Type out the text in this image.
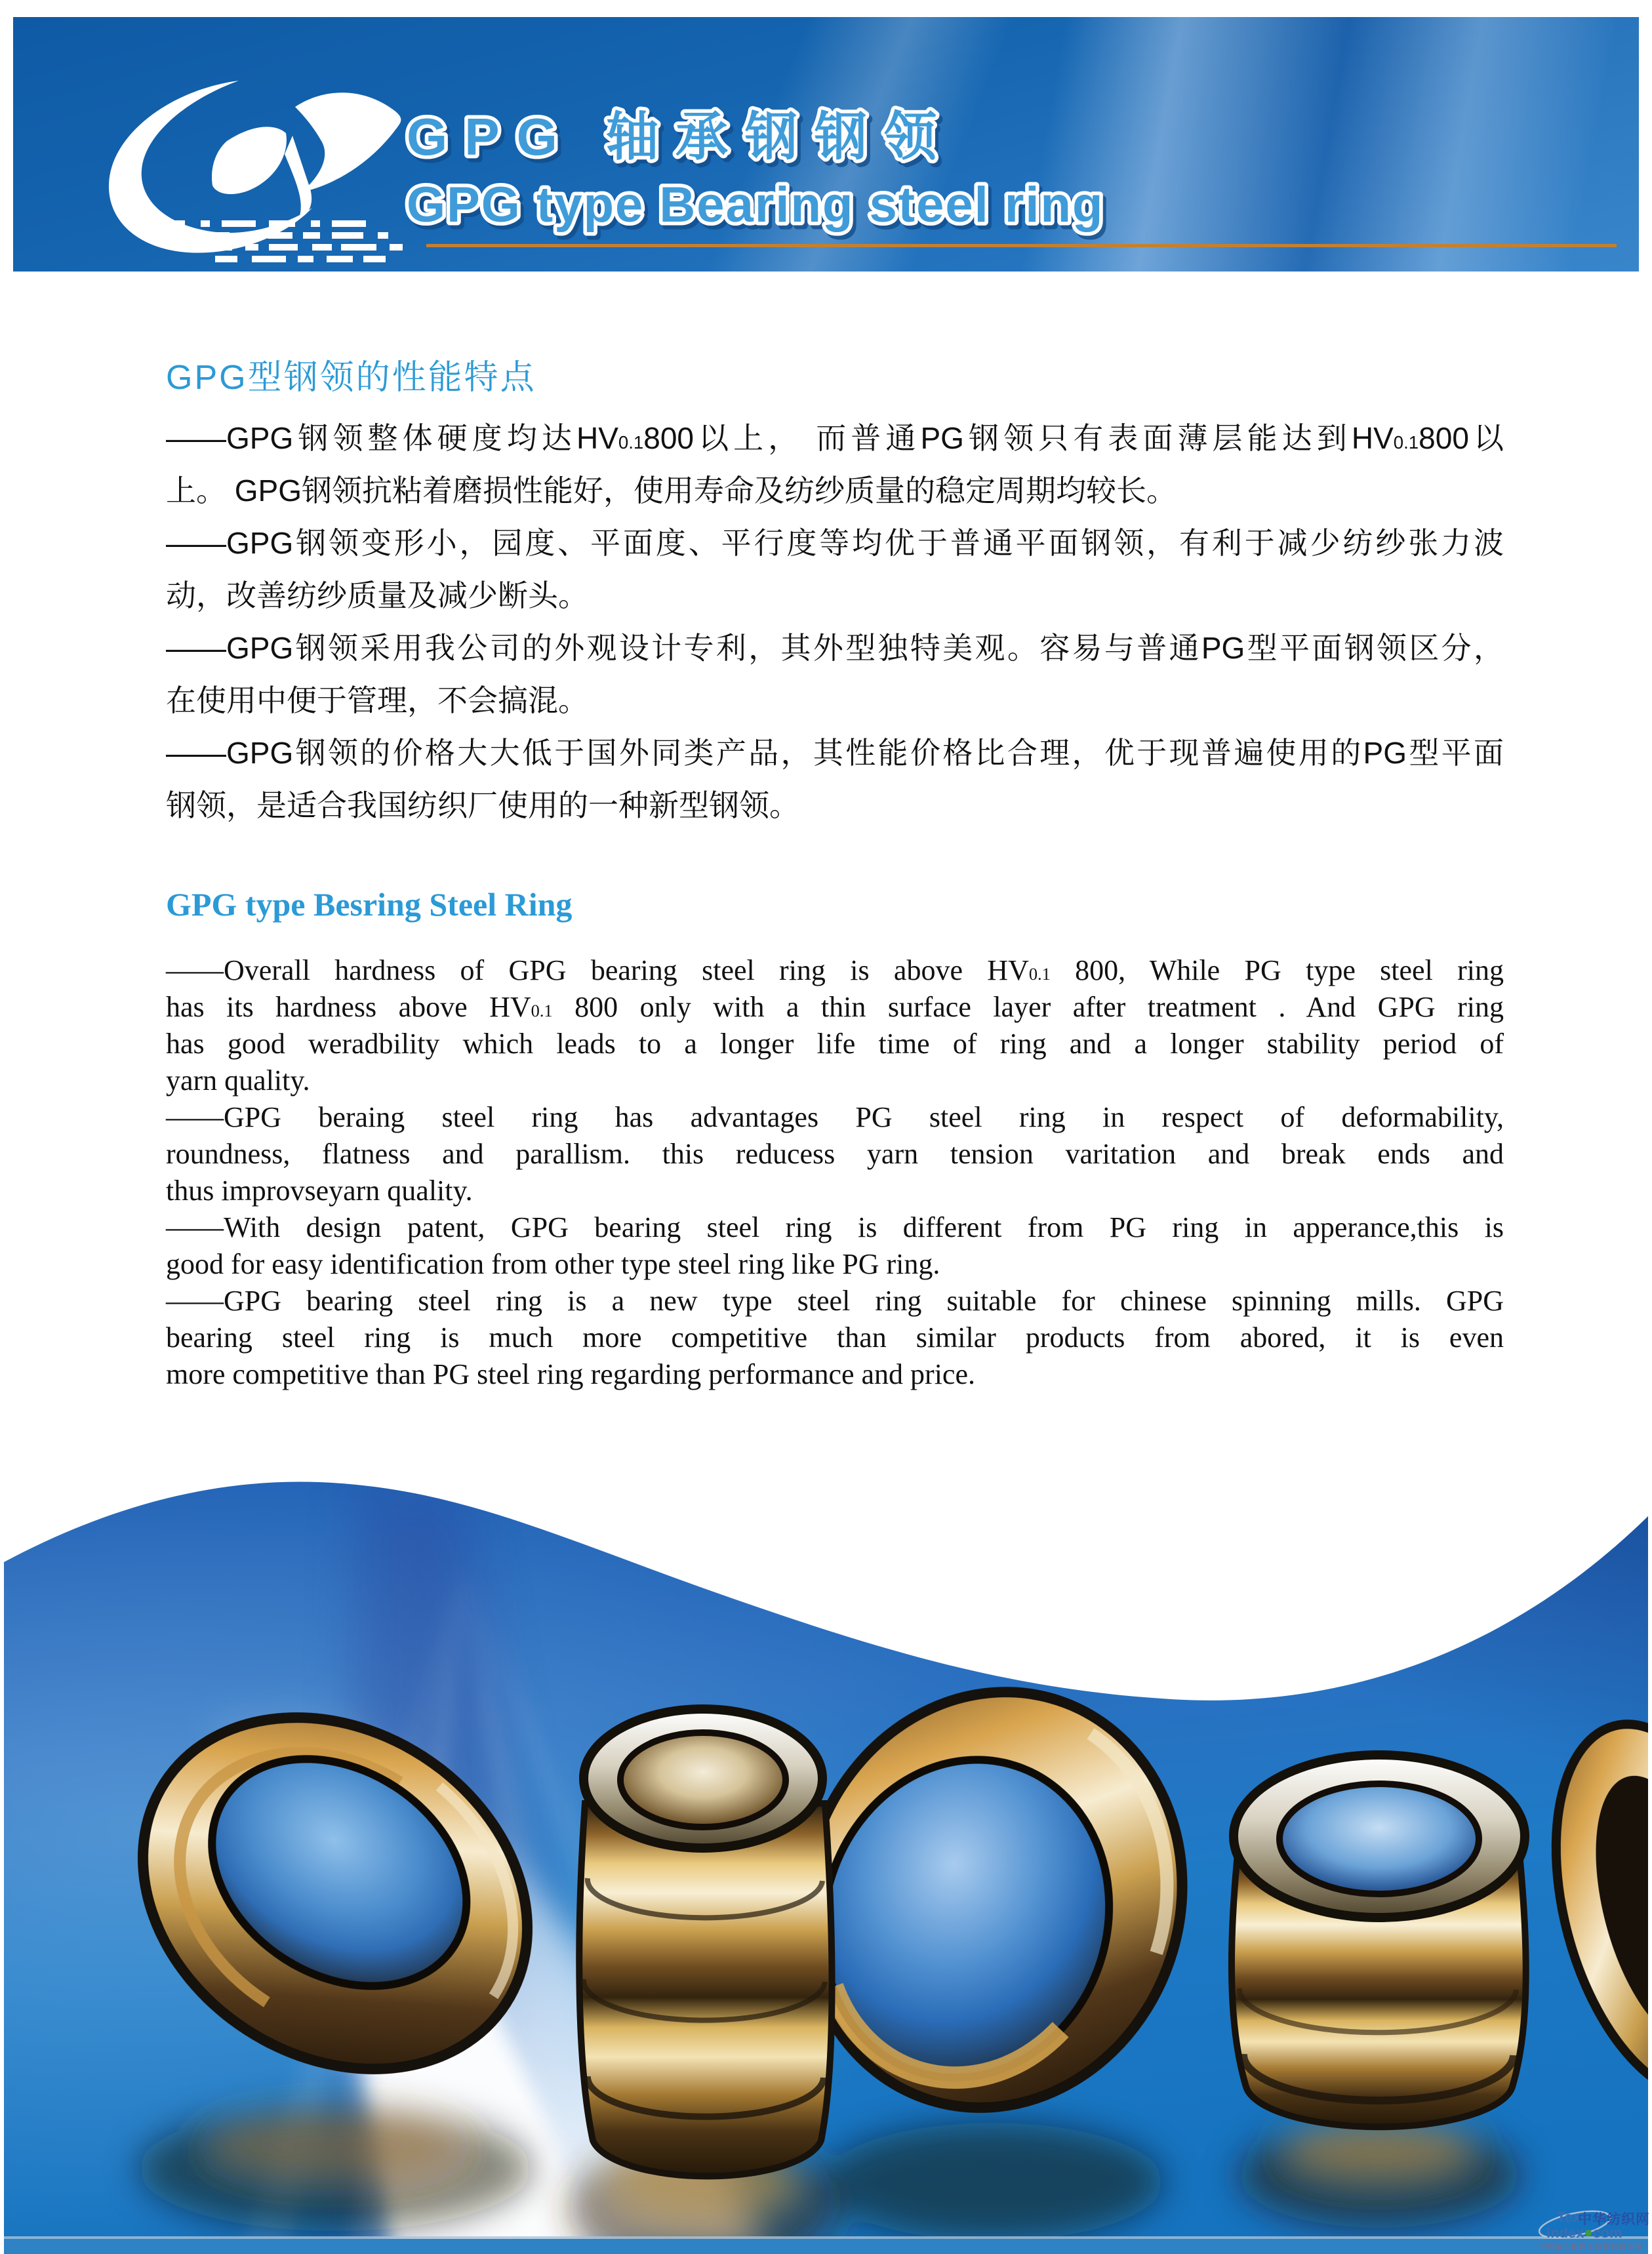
GPG 轴承钢钢领
GPG type Bearing steel ring
GPG型钢领的性能特点
——GPG钢领整体硬度均达$HV_{0.1}800$以上， 而普通PG钢领只有表面薄层能达到$HV_{0.1}800$以
上。 GPG钢领抗粘着磨损性能好，使用寿命及纺纱质量的稳定周期均较长。
——GPG钢领变形小，园度、平面度、平行度等均优于普通平面钢领，有利于减少纺纱张力波
动，改善纺纱质量及减少断头。
——GPG钢领采用我公司的外观设计专利，其外型独特美观。容易与普通PG型平面钢领区分，
在使用中便于管理，不会搞混。
——GPG钢领的价格大大低于国外同类产品，其性能价格比合理，优于现普遍使用的PG型平面
钢领，是适合我国纺织厂使用的一种新型钢领。
GPG type Besring Steel Ring
——Overall hardness of GPG bearing steel ring is above $HV_{0.1}$ 800, While PG type steel ring
has its hardness above $HV_{0.1}$ 800 only with a thin surface layer after treatment . And GPG ring
has good weradbility which leads to a longer life time of ring and a longer stability period of
yarn quality.
——GPG beraing steel ring has advantages PG steel ring in respect of deformability,
roundness, flatness and parallism. this reducess yarn tension varitation and break ends and
thus improvseyarn quality.
——With design patent, GPG bearing steel ring is different from PG ring in apperance,this is
good for easy identification from other type steel ring like PG ring.
——GPG bearing steel ring is a new type steel ring suitable for chinese spinning mills. GPG
bearing steel ring is much more competitive than similar products from abored, it is even
more competitive than PG steel ring regarding performance and price.
Tex
中华纺织网
Index com
中国最大的网上纺织信息市场
